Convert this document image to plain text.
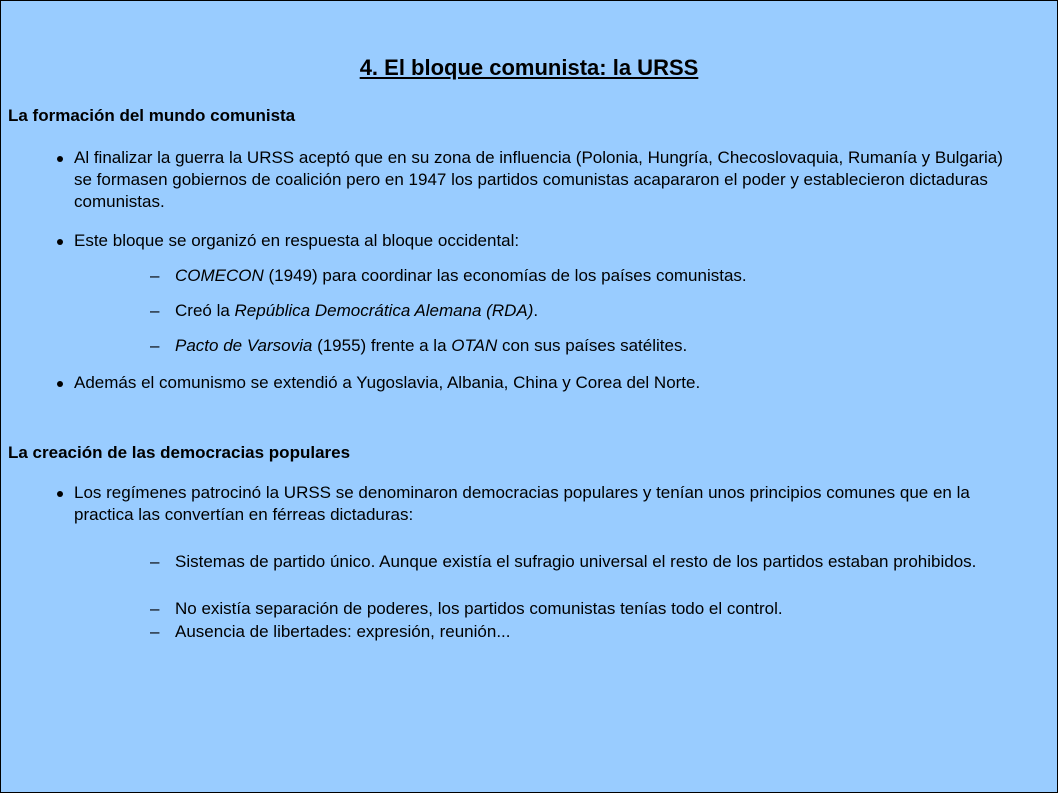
4. El bloque comunista: la URSS
La formación del mundo comunista
Al finalizar la guerra la URSS aceptó que en su zona de influencia (Polonia, Hungría, Checoslovaquia, Rumanía y Bulgaria) se formasen gobiernos de coalición pero en 1947 los partidos comunistas acapararon el poder y establecieron dictaduras comunistas.
Este bloque se organizó en respuesta al bloque occidental:
– COMECON (1949) para coordinar las economías de los países comunistas.
– Creó la República Democrática Alemana (RDA).
– Pacto de Varsovia (1955) frente a la OTAN con sus países satélites.
Además el comunismo se extendió a Yugoslavia, Albania, China y Corea del Norte.
La creación de las democracias populares
Los regímenes patrocinó la URSS se denominaron democracias populares y tenían unos principios comunes que en la practica las convertían en férreas dictaduras:
– Sistemas de partido único. Aunque existía el sufragio universal el resto de los partidos estaban prohibidos.
– No existía separación de poderes, los partidos comunistas tenías todo el control.
– Ausencia de libertades: expresión, reunión...
